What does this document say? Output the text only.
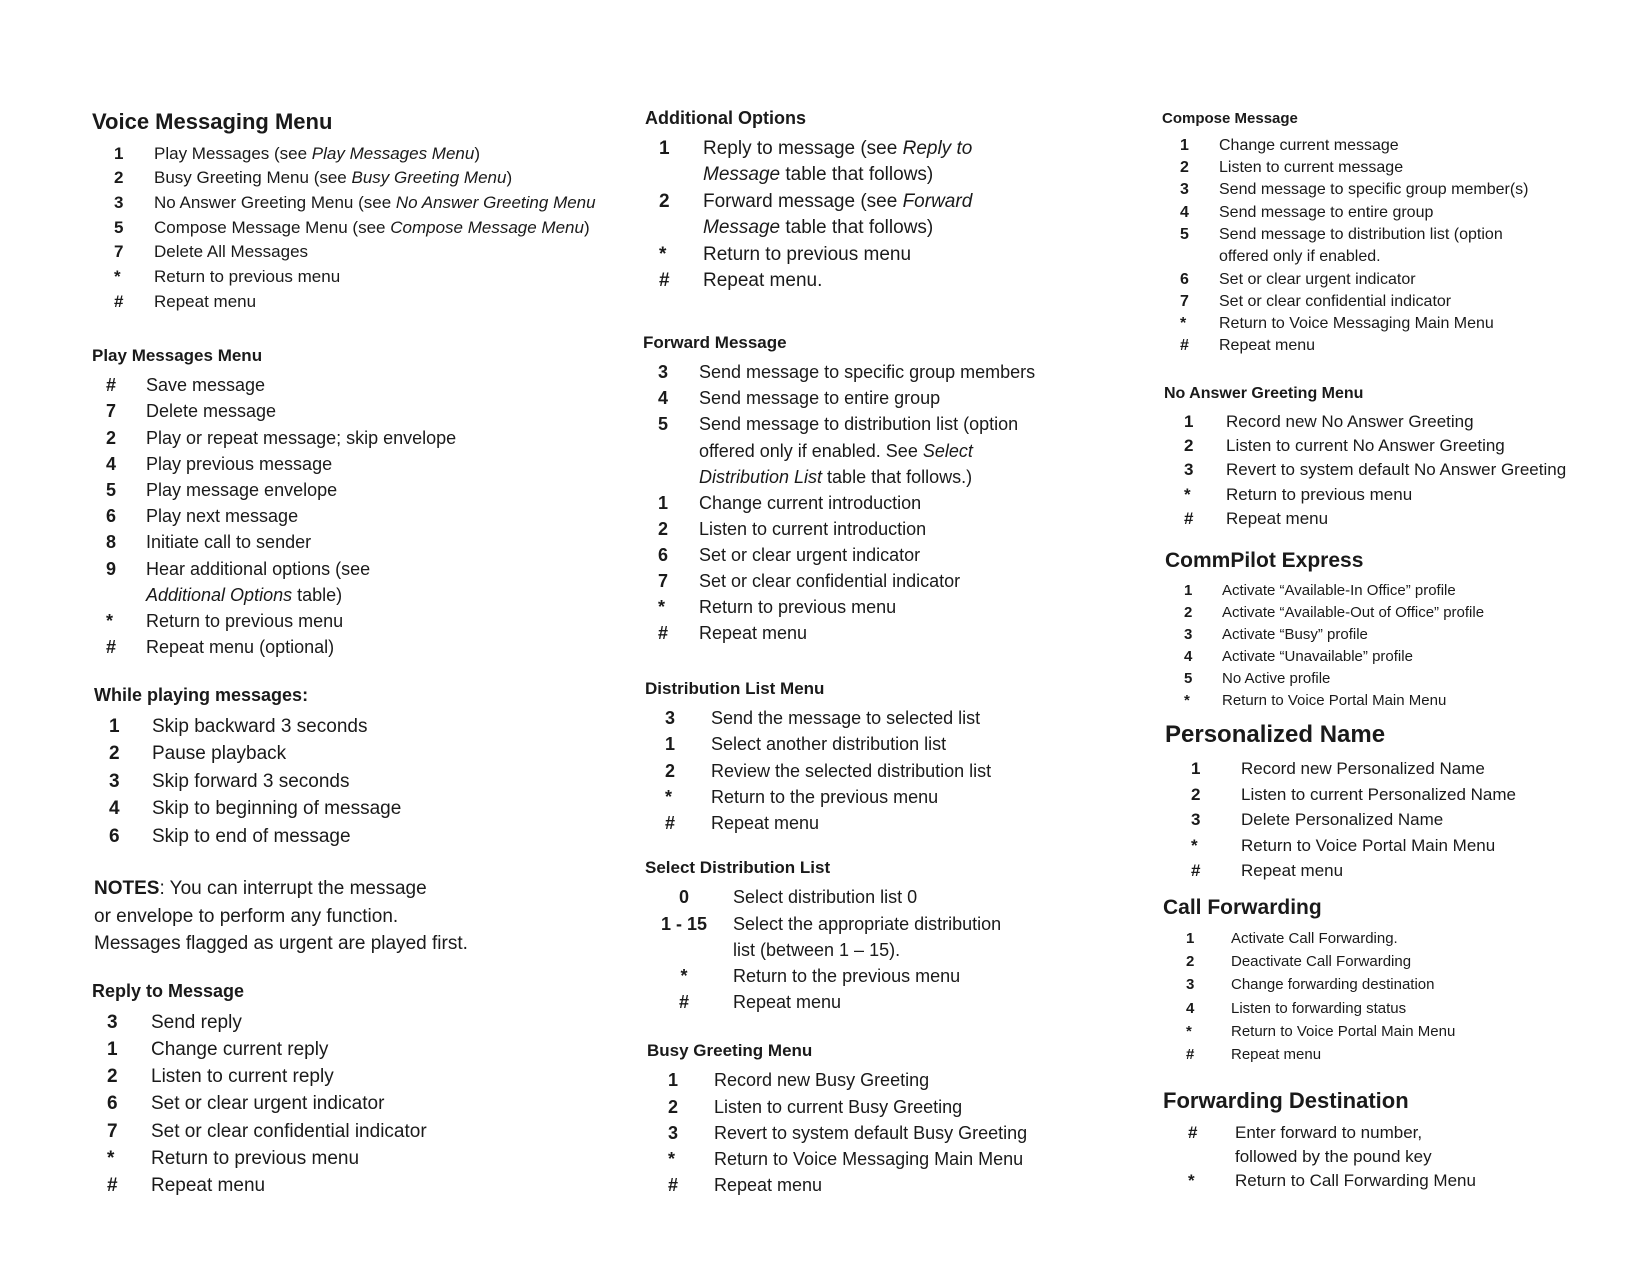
Voice Messaging Menu
1	Play Messages (see Play Messages Menu)
2	Busy Greeting Menu (see Busy Greeting Menu)
3	No Answer Greeting Menu (see No Answer Greeting Menu
5	Compose Message Menu (see Compose Message Menu)
7	Delete All Messages
*	Return to previous menu
#	Repeat menu
Play Messages Menu
#	Save message
7	Delete message
2	Play or repeat message; skip envelope
4	Play previous message
5	Play message envelope
6	Play next message
8	Initiate call to sender
9	Hear additional options (see
Additional Options table)
*	Return to previous menu
#	Repeat menu (optional)
While playing messages:
1	Skip backward 3 seconds
2	Pause playback
3	Skip forward 3 seconds
4	Skip to beginning of message
6	Skip to end of message
Reply to Message
3	Send reply
1	Change current reply
2	Listen to current reply
6	Set or clear urgent indicator
7	Set or clear confidential indicator
*	Return to previous menu
#	Repeat menu
NOTES: You can interrupt the message
or envelope to perform any function.
Messages flagged as urgent are played first.
Additional Options
1	Reply to message (see Reply to
Message table that follows)
2	Forward message (see Forward
Message table that follows)
*	Return to previous menu
#	Repeat menu.
Forward Message
3	Send message to specific group members
4	Send message to entire group
5	Send message to distribution list (option
offered only if enabled. See Select
Distribution List table that follows.)
1	Change current introduction
2	Listen to current introduction
6	Set or clear urgent indicator
7	Set or clear confidential indicator
*	Return to previous menu
#	Repeat menu
Distribution List Menu
3	Send the message to selected list
1	Select another distribution list
2	Review the selected distribution list
*	Return to the previous menu
#	Repeat menu
Select Distribution List
0	Select distribution list 0
1 - 15	Select the appropriate distribution
list (between 1 – 15).
*	Return to the previous menu
#	Repeat menu
Busy Greeting Menu
1	Record new Busy Greeting
2	Listen to current Busy Greeting
3	Revert to system default Busy Greeting
*	Return to Voice Messaging Main Menu
#	Repeat menu
Compose Message
1	Change current message
2	Listen to current message
3	Send message to specific group member(s)
4	Send message to entire group
5	Send message to distribution list (option
offered only if enabled.
6	Set or clear urgent indicator
7	Set or clear confidential indicator
*	Return to Voice Messaging Main Menu
#	Repeat menu
No Answer Greeting Menu
1	Record new No Answer Greeting
2	Listen to current No Answer Greeting
3	Revert to system default No Answer Greeting
*	Return to previous menu
#	Repeat menu
CommPilot Express
1	Activate “Available-In Office” profile
2	Activate “Available-Out of Office” profile
3	Activate “Busy” profile
4	Activate “Unavailable” profile
5	No Active profile
*	Return to Voice Portal Main Menu
Personalized Name
1	Record new Personalized Name
2	Listen to current Personalized Name
3	Delete Personalized Name
*	Return to Voice Portal Main Menu
#	Repeat menu
Call Forwarding
1	Activate Call Forwarding.
2	Deactivate Call Forwarding
3	Change forwarding destination
4	Listen to forwarding status
*	Return to Voice Portal Main Menu
#	Repeat menu
Forwarding Destination
#	Enter forward to number,
followed by the pound key
*	Return to Call Forwarding Menu
